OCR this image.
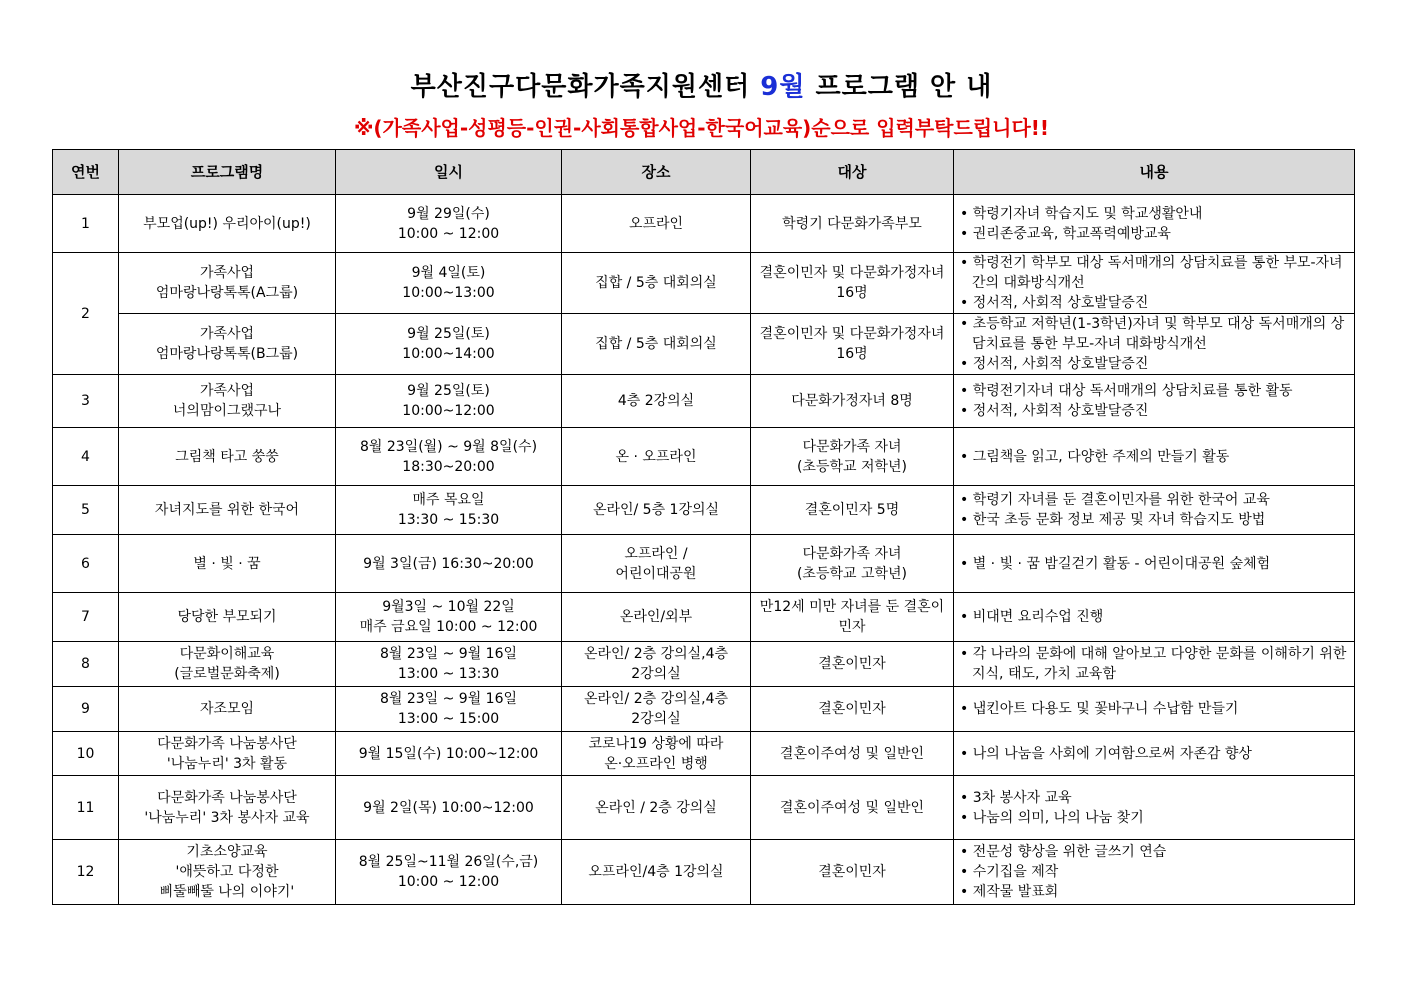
부산진구다문화가족지원센터 9월 프로그램 안 내
※(가족사업-성평등-인권-사회통합사업-한국어교육)순으로 입력부탁드립니다!!
연번	프로그램명	일시	장소	대상	내용
1	부모업(up!) 우리아이(up!)	9월 29일(수)
10:00 ~ 12:00	오프라인	학령기 다문화가족부모	• 학령기자녀 학습지도 및 학교생활안내
• 권리존중교육, 학교폭력예방교육

2	가족사업
엄마랑나랑톡톡(A그룹)	9월 4일(토)
10:00~13:00	집합 / 5층 대회의실	결혼이민자 및 다문화가정자녀
16명	• 학령전기 학부모 대상 독서매개의 상담치료를 통한 부모-자녀간의 대화방식개선
• 정서적, 사회적 상호발달증진

	가족사업
엄마랑나랑톡톡(B그룹)	9월 25일(토)
10:00~14:00	집합 / 5층 대회의실	결혼이민자 및 다문화가정자녀
16명	• 초등학교 저학년(1-3학년)자녀 및 학부모 대상 독서매개의 상담치료를 통한 부모-자녀 대화방식개선
• 정서적, 사회적 상호발달증진

3	가족사업
너의맘이그랬구나	9월 25일(토)
10:00~12:00	4층 2강의실	다문화가정자녀 8명	• 학령전기자녀 대상 독서매개의 상담치료를 통한 활동
• 정서적, 사회적 상호발달증진

4	그림책 타고 쑹쑹	8월 23일(월) ~ 9월 8일(수)
18:30~20:00	온 · 오프라인	다문화가족 자녀
(초등학교 저학년)	• 그림책을 읽고, 다양한 주제의 만들기 활동

5	자녀지도를 위한 한국어	매주 목요일
13:30 ~ 15:30	온라인/ 5층 1강의실	결혼이민자 5명	• 학령기 자녀를 둔 결혼이민자를 위한 한국어 교육
• 한국 초등 문화 정보 제공 및 자녀 학습지도 방법

6	별 · 빛 · 꿈	9월 3일(금) 16:30~20:00	오프라인 /
어린이대공원	다문화가족 자녀
(초등학교 고학년)	• 별 · 빛 · 꿈 밤길걷기 활동 - 어린이대공원 숲체험

7	당당한 부모되기	9월3일 ~ 10월 22일
매주 금요일 10:00 ~ 12:00	온라인/외부	만12세 미만 자녀를 둔 결혼이민자	• 비대면 요리수업 진행

8	다문화이해교육
(글로벌문화축제)	8월 23일 ~ 9월 16일
13:00 ~ 13:30	온라인/ 2층 강의실,4층
2강의실	결혼이민자	• 각 나라의 문화에 대해 알아보고 다양한 문화를 이해하기 위한 지식, 태도, 가치 교육함

9	자조모임	8월 23일 ~ 9월 16일
13:00 ~ 15:00	온라인/ 2층 강의실,4층
2강의실	결혼이민자	• 냅킨아트 다용도 및 꽃바구니 수납함 만들기

10	다문화가족 나눔봉사단
'나눔누리' 3차 활동	9월 15일(수) 10:00~12:00	코로나19 상황에 따라
온·오프라인 병행	결혼이주여성 및 일반인	• 나의 나눔을 사회에 기여함으로써 자존감 향상

11	다문화가족 나눔봉사단
'나눔누리' 3차 봉사자 교육	9월 2일(목) 10:00~12:00	온라인 / 2층 강의실	결혼이주여성 및 일반인	• 3차 봉사자 교육
• 나눔의 의미, 나의 나눔 찾기

12	기초소양교육
'애뜻하고 다정한
삐뚤빼뚤 나의 이야기'	8월 25일~11월 26일(수,금)
10:00 ~ 12:00	오프라인/4층 1강의실	결혼이민자	• 전문성 향상을 위한 글쓰기 연습
• 수기집을 제작
• 제작물 발표회
